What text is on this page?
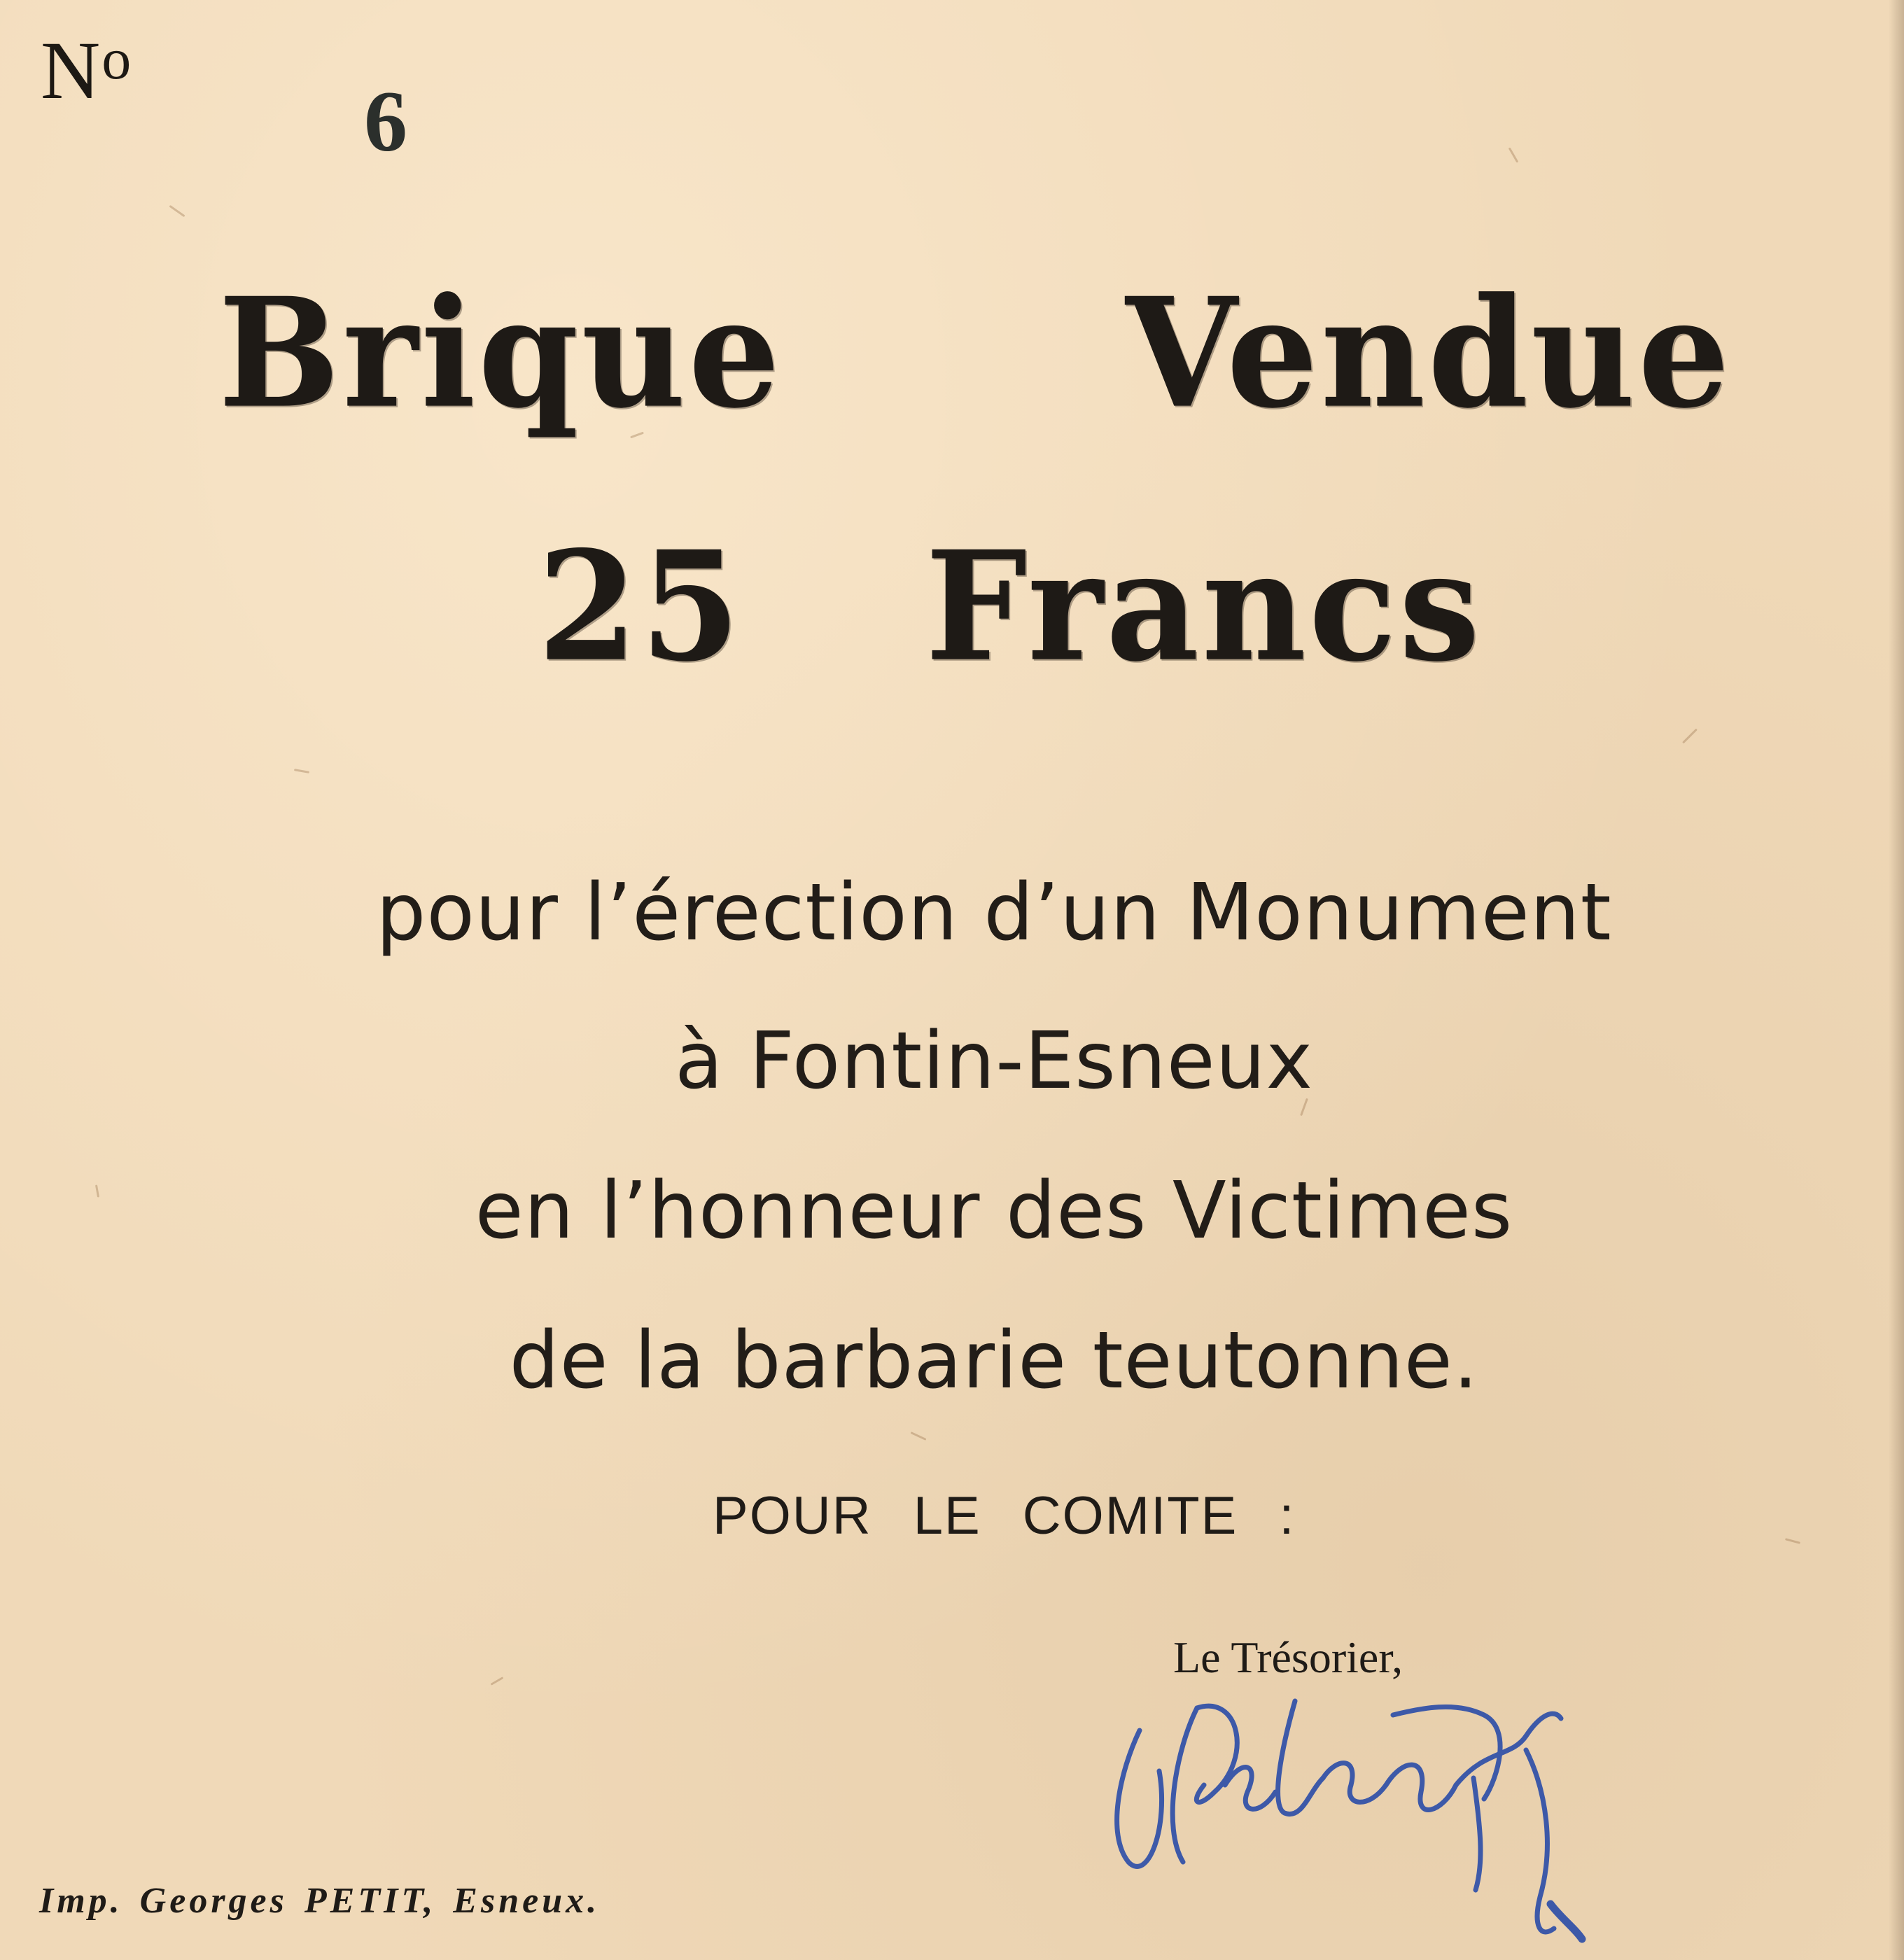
$N^o$
6
Brique Vendue
25 Francs
pour l’érection d’un Monument
à Fontin-Esneux
en l’honneur des Victimes
de la barbarie teutonne.
POUR LE COMITE :
Le Trésorier,
Imp. Georges PETIT, Esneux.
